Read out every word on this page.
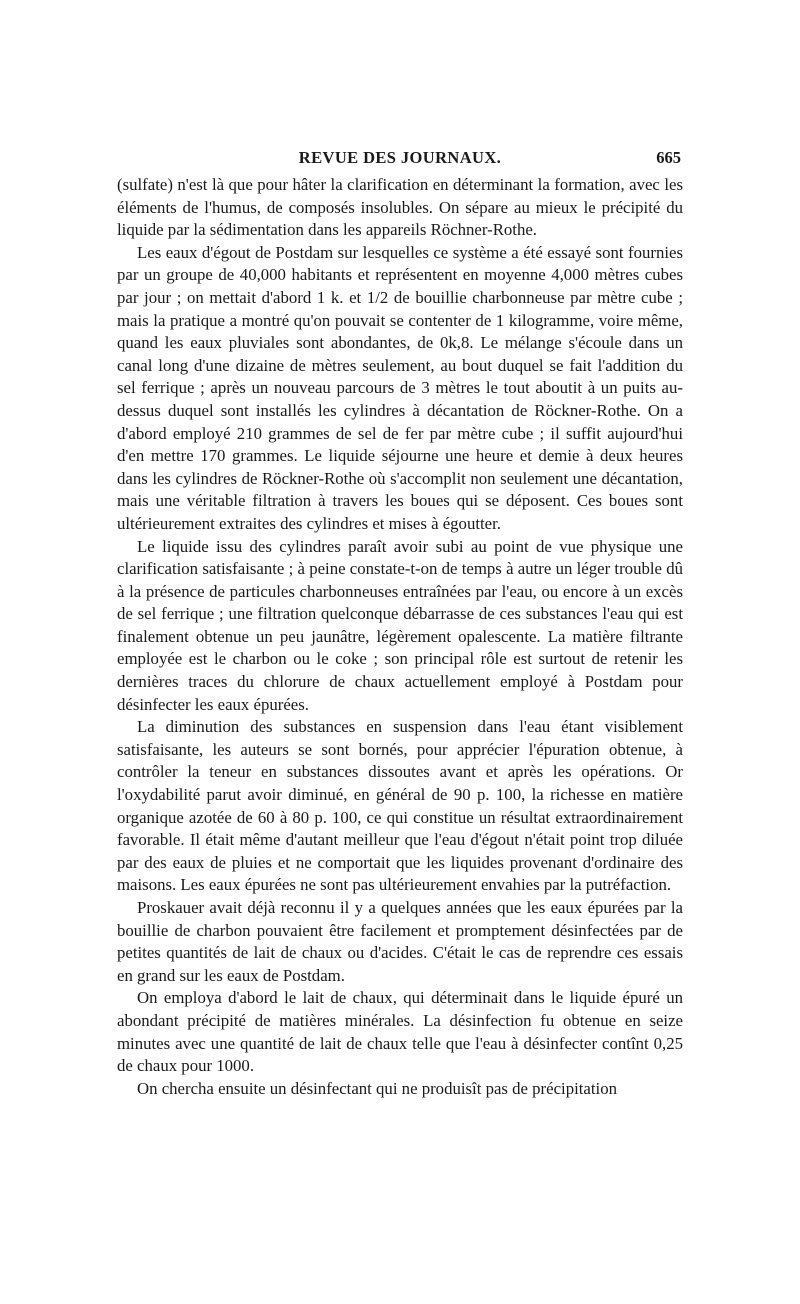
REVUE DES JOURNAUX.	665

(sulfate) n'est là que pour hâter la clarification en déterminant la formation, avec les éléments de l'humus, de composés insolubles. On sépare au mieux le précipité du liquide par la sédimentation dans les appareils Röchner-Rothe.

Les eaux d'égout de Postdam sur lesquelles ce système a été essayé sont fournies par un groupe de 40,000 habitants et représentent en moyenne 4,000 mètres cubes par jour ; on mettait d'abord 1 k. et 1/2 de bouillie charbonneuse par mètre cube ; mais la pratique a montré qu'on pouvait se contenter de 1 kilogramme, voire même, quand les eaux pluviales sont abondantes, de 0k,8. Le mélange s'écoule dans un canal long d'une dizaine de mètres seulement, au bout duquel se fait l'addition du sel ferrique ; après un nouveau parcours de 3 mètres le tout aboutit à un puits au-dessus duquel sont installés les cylindres à décantation de Röckner-Rothe. On a d'abord employé 210 grammes de sel de fer par mètre cube ; il suffit aujourd'hui d'en mettre 170 grammes. Le liquide séjourne une heure et demie à deux heures dans les cylindres de Röckner-Rothe où s'accomplit non seulement une décantation, mais une véritable filtration à travers les boues qui se déposent. Ces boues sont ultérieurement extraites des cylindres et mises à égoutter.

Le liquide issu des cylindres paraît avoir subi au point de vue physique une clarification satisfaisante ; à peine constate-t-on de temps à autre un léger trouble dû à la présence de particules charbonneuses entraînées par l'eau, ou encore à un excès de sel ferrique ; une filtration quelconque débarrasse de ces substances l'eau qui est finalement obtenue un peu jaunâtre, légèrement opalescente. La matière filtrante employée est le charbon ou le coke ; son principal rôle est surtout de retenir les dernières traces du chlorure de chaux actuellement employé à Postdam pour désinfecter les eaux épurées.

La diminution des substances en suspension dans l'eau étant visiblement satisfaisante, les auteurs se sont bornés, pour apprécier l'épuration obtenue, à contrôler la teneur en substances dissoutes avant et après les opérations. Or l'oxydabilité parut avoir diminué, en général de 90 p. 100, la richesse en matière organique azotée de 60 à 80 p. 100, ce qui constitue un résultat extraordinairement favorable. Il était même d'autant meilleur que l'eau d'égout n'était point trop diluée par des eaux de pluies et ne comportait que les liquides provenant d'ordinaire des maisons. Les eaux épurées ne sont pas ultérieurement envahies par la putréfaction.

Proskauer avait déjà reconnu il y a quelques années que les eaux épurées par la bouillie de charbon pouvaient être facilement et promptement désinfectées par de petites quantités de lait de chaux ou d'acides. C'était le cas de reprendre ces essais en grand sur les eaux de Postdam.

On employa d'abord le lait de chaux, qui déterminait dans le liquide épuré un abondant précipité de matières minérales. La désinfection fu obtenue en seize minutes avec une quantité de lait de chaux telle que l'eau à désinfecter contînt 0,25 de chaux pour 1000.

On chercha ensuite un désinfectant qui ne produisît pas de précipitation
